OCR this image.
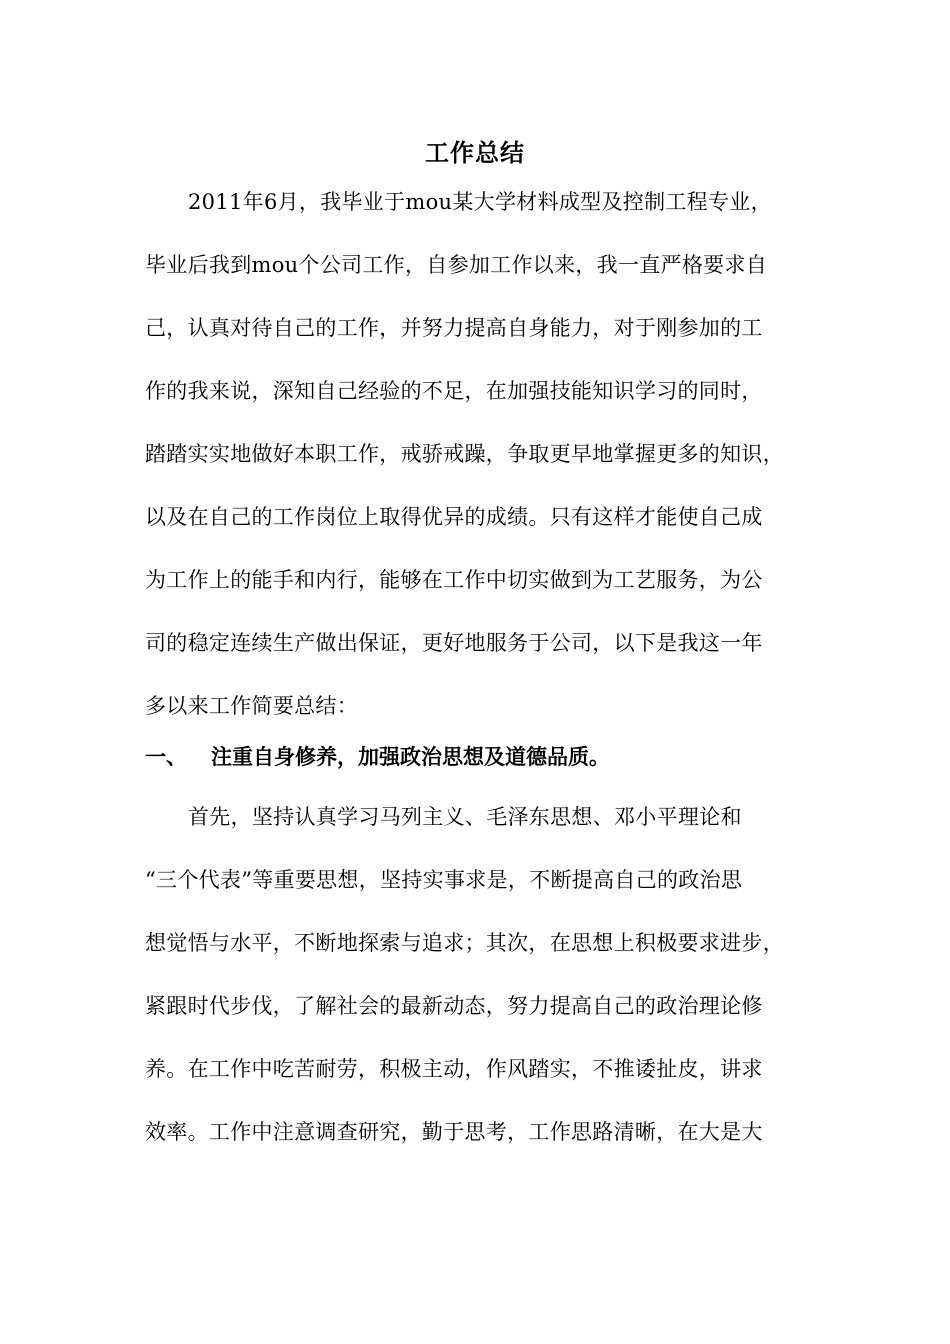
工作总结
2011年6月，我毕业于mou某大学材料成型及控制工程专业，
毕业后我到mou个公司工作，自参加工作以来，我一直严格要求自
己，认真对待自己的工作，并努力提高自身能力，对于刚参加的工
作的我来说，深知自己经验的不足，在加强技能知识学习的同时，
踏踏实实地做好本职工作，戒骄戒躁，争取更早地掌握更多的知识，
以及在自己的工作岗位上取得优异的成绩。只有这样才能使自己成
为工作上的能手和内行，能够在工作中切实做到为工艺服务，为公
司的稳定连续生产做出保证，更好地服务于公司，以下是我这一年
多以来工作简要总结：
一、 注重自身修养，加强政治思想及道德品质。
首先，坚持认真学习马列主义、毛泽东思想、邓小平理论和
“三个代表”等重要思想，坚持实事求是，不断提高自己的政治思
想觉悟与水平，不断地探索与追求；其次，在思想上积极要求进步，
紧跟时代步伐，了解社会的最新动态，努力提高自己的政治理论修
养。在工作中吃苦耐劳，积极主动，作风踏实，不推诿扯皮，讲求
效率。工作中注意调查研究，勤于思考，工作思路清晰，在大是大
